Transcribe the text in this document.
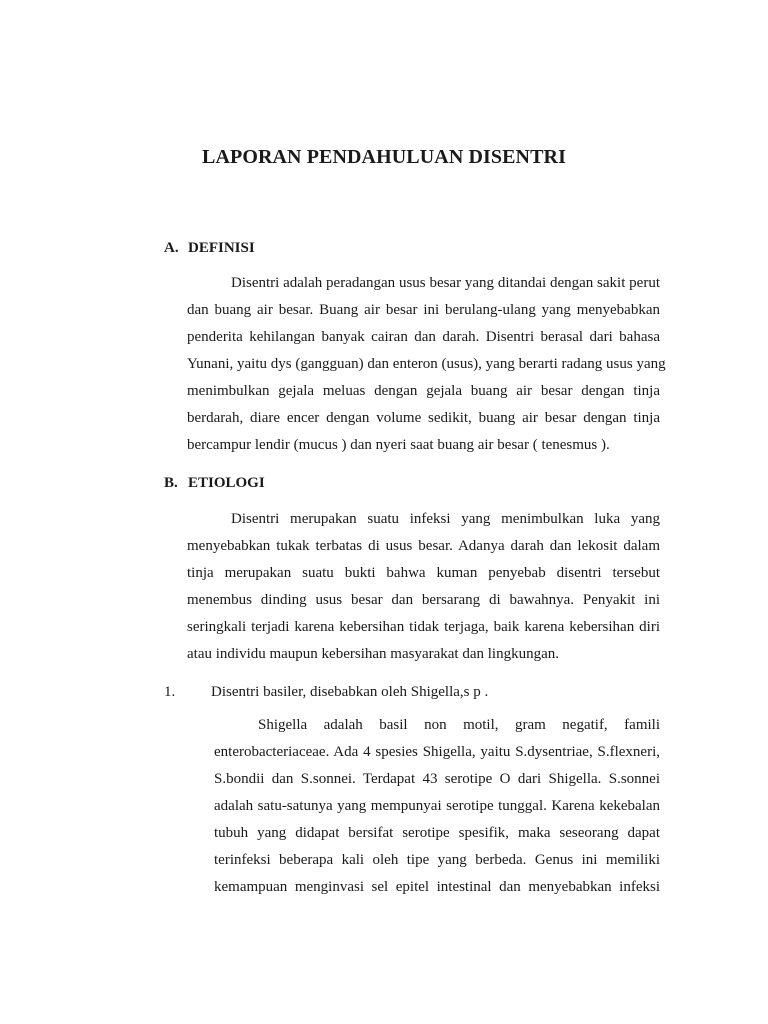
LAPORAN PENDAHULUAN DISENTRI
A. DEFINISI
Disentri adalah peradangan usus besar yang ditandai dengan sakit perut
dan buang air besar. Buang air besar ini berulang-ulang yang menyebabkan
penderita kehilangan banyak cairan dan darah. Disentri berasal dari bahasa
Yunani, yaitu dys (gangguan) dan enteron (usus), yang berarti radang usus yang
menimbulkan gejala meluas dengan gejala buang air besar dengan tinja
berdarah, diare encer dengan volume sedikit, buang air besar dengan tinja
bercampur lendir (mucus ) dan nyeri saat buang air besar ( tenesmus ).
B. ETIOLOGI
Disentri merupakan suatu infeksi yang menimbulkan luka yang
menyebabkan tukak terbatas di usus besar. Adanya darah dan lekosit dalam
tinja merupakan suatu bukti bahwa kuman penyebab disentri tersebut
menembus dinding usus besar dan bersarang di bawahnya. Penyakit ini
seringkali terjadi karena kebersihan tidak terjaga, baik karena kebersihan diri
atau individu maupun kebersihan masyarakat dan lingkungan.
1. Disentri basiler, disebabkan oleh Shigella,s p .
Shigella adalah basil non motil, gram negatif, famili
enterobacteriaceae. Ada 4 spesies Shigella, yaitu S.dysentriae, S.flexneri,
S.bondii dan S.sonnei. Terdapat 43 serotipe O dari Shigella. S.sonnei
adalah satu-satunya yang mempunyai serotipe tunggal. Karena kekebalan
tubuh yang didapat bersifat serotipe spesifik, maka seseorang dapat
terinfeksi beberapa kali oleh tipe yang berbeda. Genus ini memiliki
kemampuan menginvasi sel epitel intestinal dan menyebabkan infeksi
